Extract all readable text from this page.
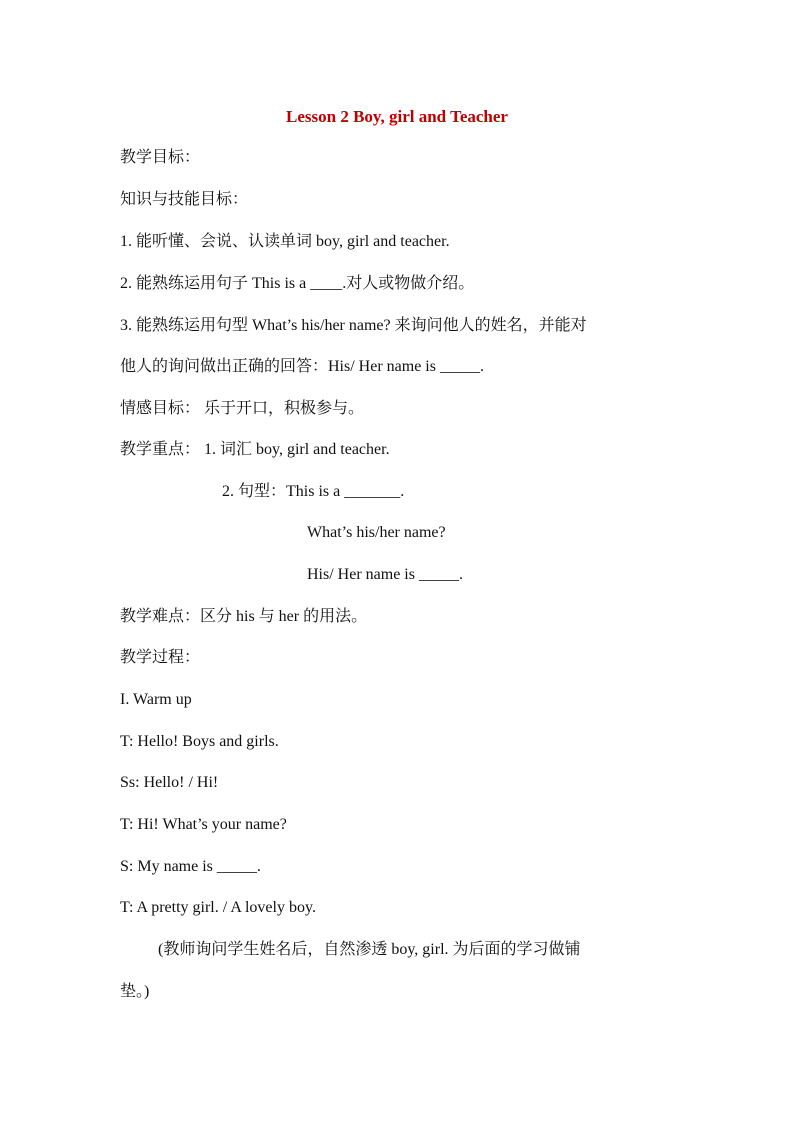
Lesson 2 Boy, girl and Teacher
教学目标：
知识与技能目标：
1. 能听懂、会说、认读单词 boy, girl and teacher.
2. 能熟练运用句子 This is a ____.对人或物做介绍。
3. 能熟练运用句型 What’s his/her name? 来询问他人的姓名，并能对
他人的询问做出正确的回答：His/ Her name is _____.
情感目标： 乐于开口，积极参与。
教学重点： 1. 词汇 boy, girl and teacher.
2. 句型：This is a _______.
What’s his/her name?
His/ Her name is _____.
教学难点：区分 his 与 her 的用法。
教学过程：
I. Warm up
T: Hello! Boys and girls.
Ss: Hello! / Hi!
T: Hi! What’s your name?
S: My name is _____.
T: A pretty girl. / A lovely boy.
(教师询问学生姓名后，自然渗透 boy, girl. 为后面的学习做铺
垫。)
